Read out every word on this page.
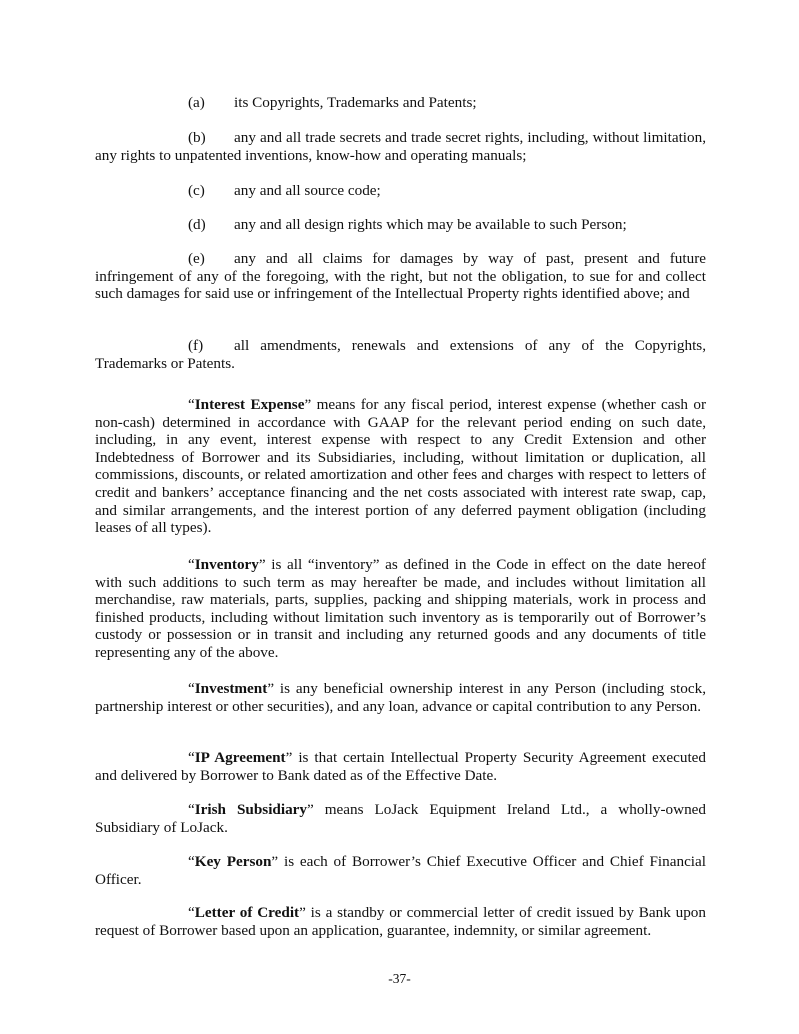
(a) its Copyrights, Trademarks and Patents;

(b) any and all trade secrets and trade secret rights, including, without limitation, any rights to unpatented inventions, know-how and operating manuals;

(c) any and all source code;

(d) any and all design rights which may be available to such Person;

(e) any and all claims for damages by way of past, present and future infringement of any of the foregoing, with the right, but not the obligation, to sue for and collect such damages for said use or infringement of the Intellectual Property rights identified above; and

(f) all amendments, renewals and extensions of any of the Copyrights, Trademarks or Patents.

“Interest Expense” means for any fiscal period, interest expense (whether cash or non-cash) determined in accordance with GAAP for the relevant period ending on such date, including, in any event, interest expense with respect to any Credit Extension and other Indebtedness of Borrower and its Subsidiaries, including, without limitation or duplication, all commissions, discounts, or related amortization and other fees and charges with respect to letters of credit and bankers’ acceptance financing and the net costs associated with interest rate swap, cap, and similar arrangements, and the interest portion of any deferred payment obligation (including leases of all types).

“Inventory” is all “inventory” as defined in the Code in effect on the date hereof with such additions to such term as may hereafter be made, and includes without limitation all merchandise, raw materials, parts, supplies, packing and shipping materials, work in process and finished products, including without limitation such inventory as is temporarily out of Borrower’s custody or possession or in transit and including any returned goods and any documents of title representing any of the above.

“Investment” is any beneficial ownership interest in any Person (including stock, partnership interest or other securities), and any loan, advance or capital contribution to any Person.

“IP Agreement” is that certain Intellectual Property Security Agreement executed and delivered by Borrower to Bank dated as of the Effective Date.

“Irish Subsidiary” means LoJack Equipment Ireland Ltd., a wholly-owned Subsidiary of LoJack.

“Key Person” is each of Borrower’s Chief Executive Officer and Chief Financial Officer.

“Letter of Credit” is a standby or commercial letter of credit issued by Bank upon request of Borrower based upon an application, guarantee, indemnity, or similar agreement.

-37-
